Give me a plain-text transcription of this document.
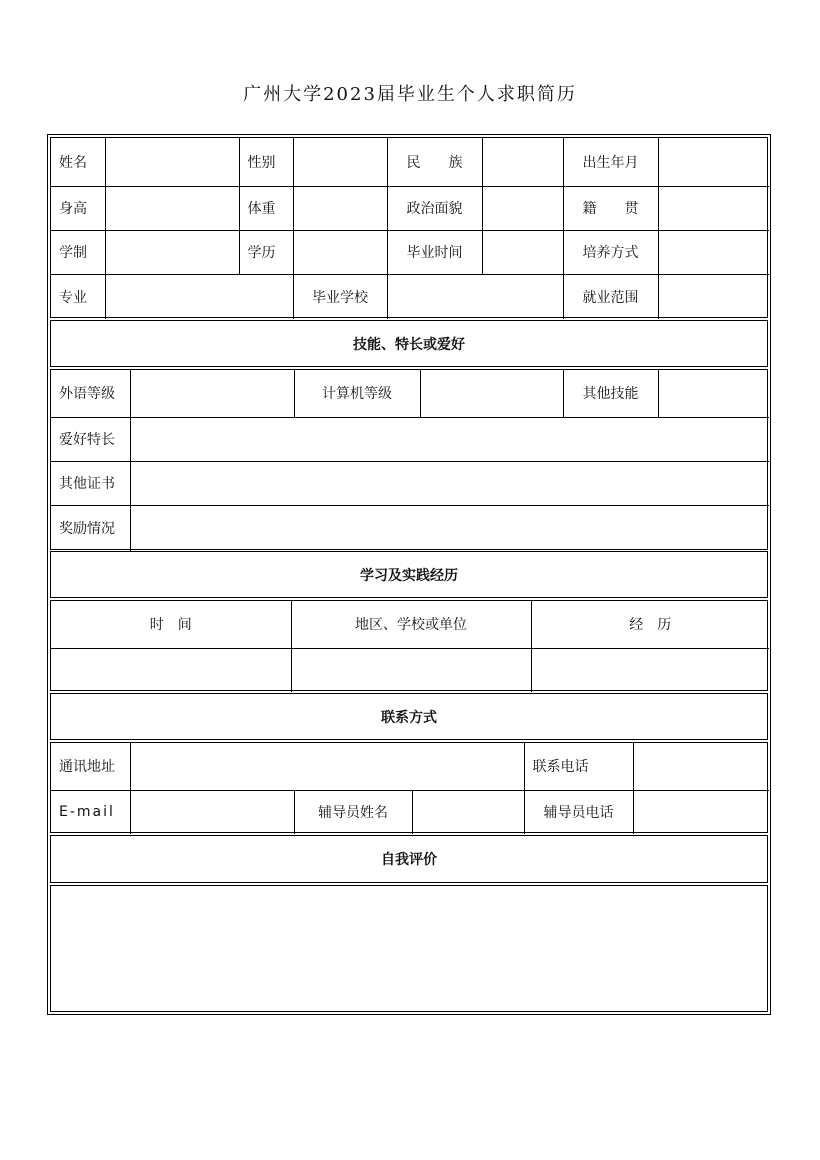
广州大学2023届毕业生个人求职简历
姓名		性别		民　　族		出生年月	
身高		体重		政治面貌		籍　　贯	
学制		学历		毕业时间		培养方式	
专业			毕业学校			就业范围	
技能、特长或爱好
外语等级		计算机等级		其他技能	
爱好特长					
其他证书					
奖励情况					
学习及实践经历
时　间	地区、学校或单位	经　历

联系方式
通讯地址				联系电话	
E-mail		辅导员姓名		辅导员电话	
自我评价
